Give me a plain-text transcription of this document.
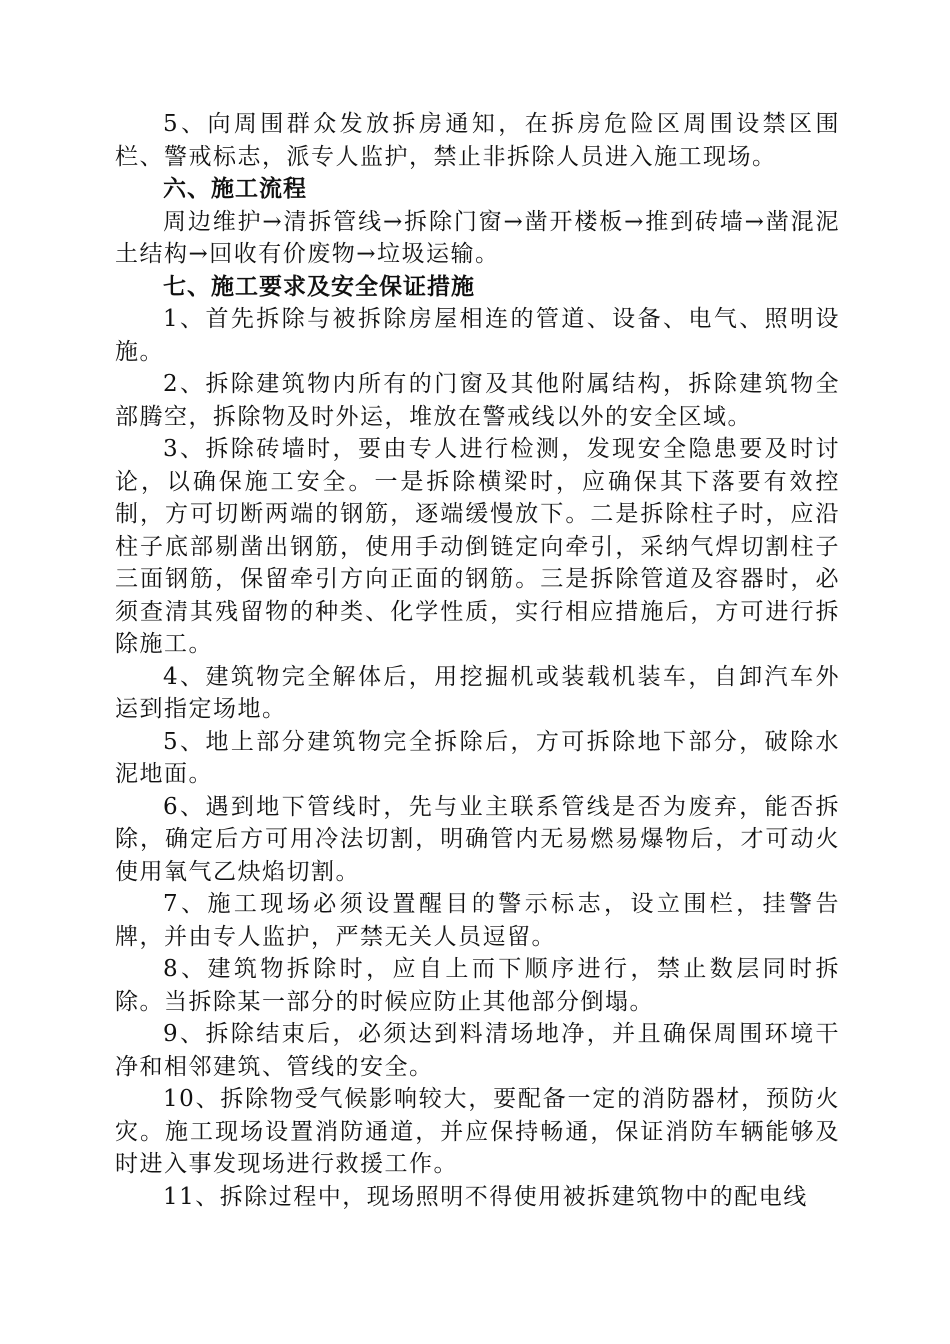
5、向周围群众发放拆房通知，在拆房危险区周围设禁区围栏、警戒标志，派专人监护，禁止非拆除人员进入施工现场。

六、施工流程

周边维护→清拆管线→拆除门窗→凿开楼板→推到砖墙→凿混泥土结构→回收有价废物→垃圾运输。

七、施工要求及安全保证措施

1、首先拆除与被拆除房屋相连的管道、设备、电气、照明设施。

2、拆除建筑物内所有的门窗及其他附属结构，拆除建筑物全部腾空，拆除物及时外运，堆放在警戒线以外的安全区域。

3、拆除砖墙时，要由专人进行检测，发现安全隐患要及时讨论，以确保施工安全。一是拆除横梁时，应确保其下落要有效控制，方可切断两端的钢筋，逐端缓慢放下。二是拆除柱子时，应沿柱子底部剔凿出钢筋，使用手动倒链定向牵引，采纳气焊切割柱子三面钢筋，保留牵引方向正面的钢筋。三是拆除管道及容器时，必须查清其残留物的种类、化学性质，实行相应措施后，方可进行拆除施工。

4、建筑物完全解体后，用挖掘机或装载机装车，自卸汽车外运到指定场地。

5、地上部分建筑物完全拆除后，方可拆除地下部分，破除水泥地面。

6、遇到地下管线时，先与业主联系管线是否为废弃，能否拆除，确定后方可用冷法切割，明确管内无易燃易爆物后，才可动火使用氧气乙炔焰切割。

7、施工现场必须设置醒目的警示标志，设立围栏，挂警告牌，并由专人监护，严禁无关人员逗留。

8、建筑物拆除时，应自上而下顺序进行，禁止数层同时拆除。当拆除某一部分的时候应防止其他部分倒塌。

9、拆除结束后，必须达到料清场地净，并且确保周围环境干净和相邻建筑、管线的安全。

10、拆除物受气候影响较大，要配备一定的消防器材，预防火灾。施工现场设置消防通道，并应保持畅通，保证消防车辆能够及时进入事发现场进行救援工作。

11、拆除过程中，现场照明不得使用被拆建筑物中的配电线
